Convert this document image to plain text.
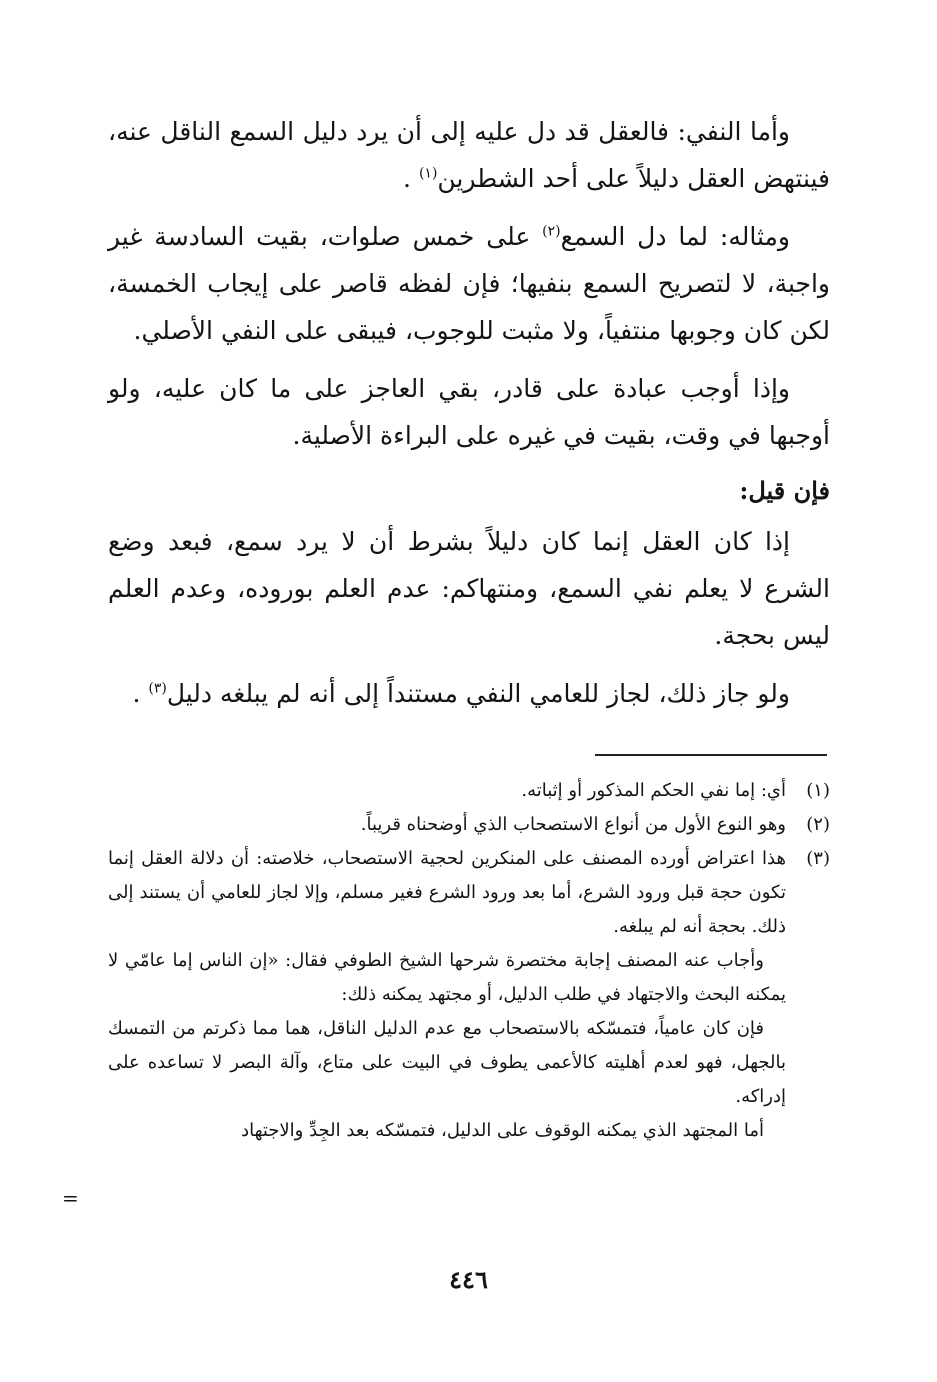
وأما النفي: فالعقل قد دل عليه إلى أن يرد دليل السمع الناقل عنه، فينتهض العقل دليلاً على أحد الشطرين$^{(١)}$ .

ومثاله: لما دل السمع$^{(٢)}$ على خمس صلوات، بقيت السادسة غير واجبة، لا لتصريح السمع بنفيها؛ فإن لفظه قاصر على إيجاب الخمسة، لكن كان وجوبها منتفياً، ولا مثبت للوجوب، فيبقى على النفي الأصلي.

وإذا أوجب عبادة على قادر، بقي العاجز على ما كان عليه، ولو أوجبها في وقت، بقيت في غيره على البراءة الأصلية.

فإن قيل:

إذا كان العقل إنما كان دليلاً بشرط أن لا يرد سمع، فبعد وضع الشرع لا يعلم نفي السمع، ومنتهاكم: عدم العلم بوروده، وعدم العلم ليس بحجة.

ولو جاز ذلك، لجاز للعامي النفي مستنداً إلى أنه لم يبلغه دليل$^{(٣)}$ .

(١)
أي: إما نفي الحكم المذكور أو إثباته.
(٢)
وهو النوع الأول من أنواع الاستصحاب الذي أوضحناه قريباً.
(٣)
هذا اعتراض أورده المصنف على المنكرين لحجية الاستصحاب، خلاصته: أن دلالة العقل إنما تكون حجة قبل ورود الشرع، أما بعد ورود الشرع فغير مسلم، وإلا لجاز للعامي أن يستند إلى ذلك. بحجة أنه لم يبلغه.
وأجاب عنه المصنف إجابة مختصرة شرحها الشيخ الطوفي فقال: «إن الناس إما عامّي لا يمكنه البحث والاجتهاد في طلب الدليل، أو مجتهد يمكنه ذلك:
فإن كان عامياً، فتمسّكه بالاستصحاب مع عدم الدليل الناقل، هما مما ذكرتم من التمسك بالجهل، فهو لعدم أهليته كالأعمى يطوف في البيت على متاع، وآلة البصر لا تساعده على إدراكه.
أما المجتهد الذي يمكنه الوقوف على الدليل، فتمسّكه بعد الجِدِّ والاجتهاد
=
٤٤٦
